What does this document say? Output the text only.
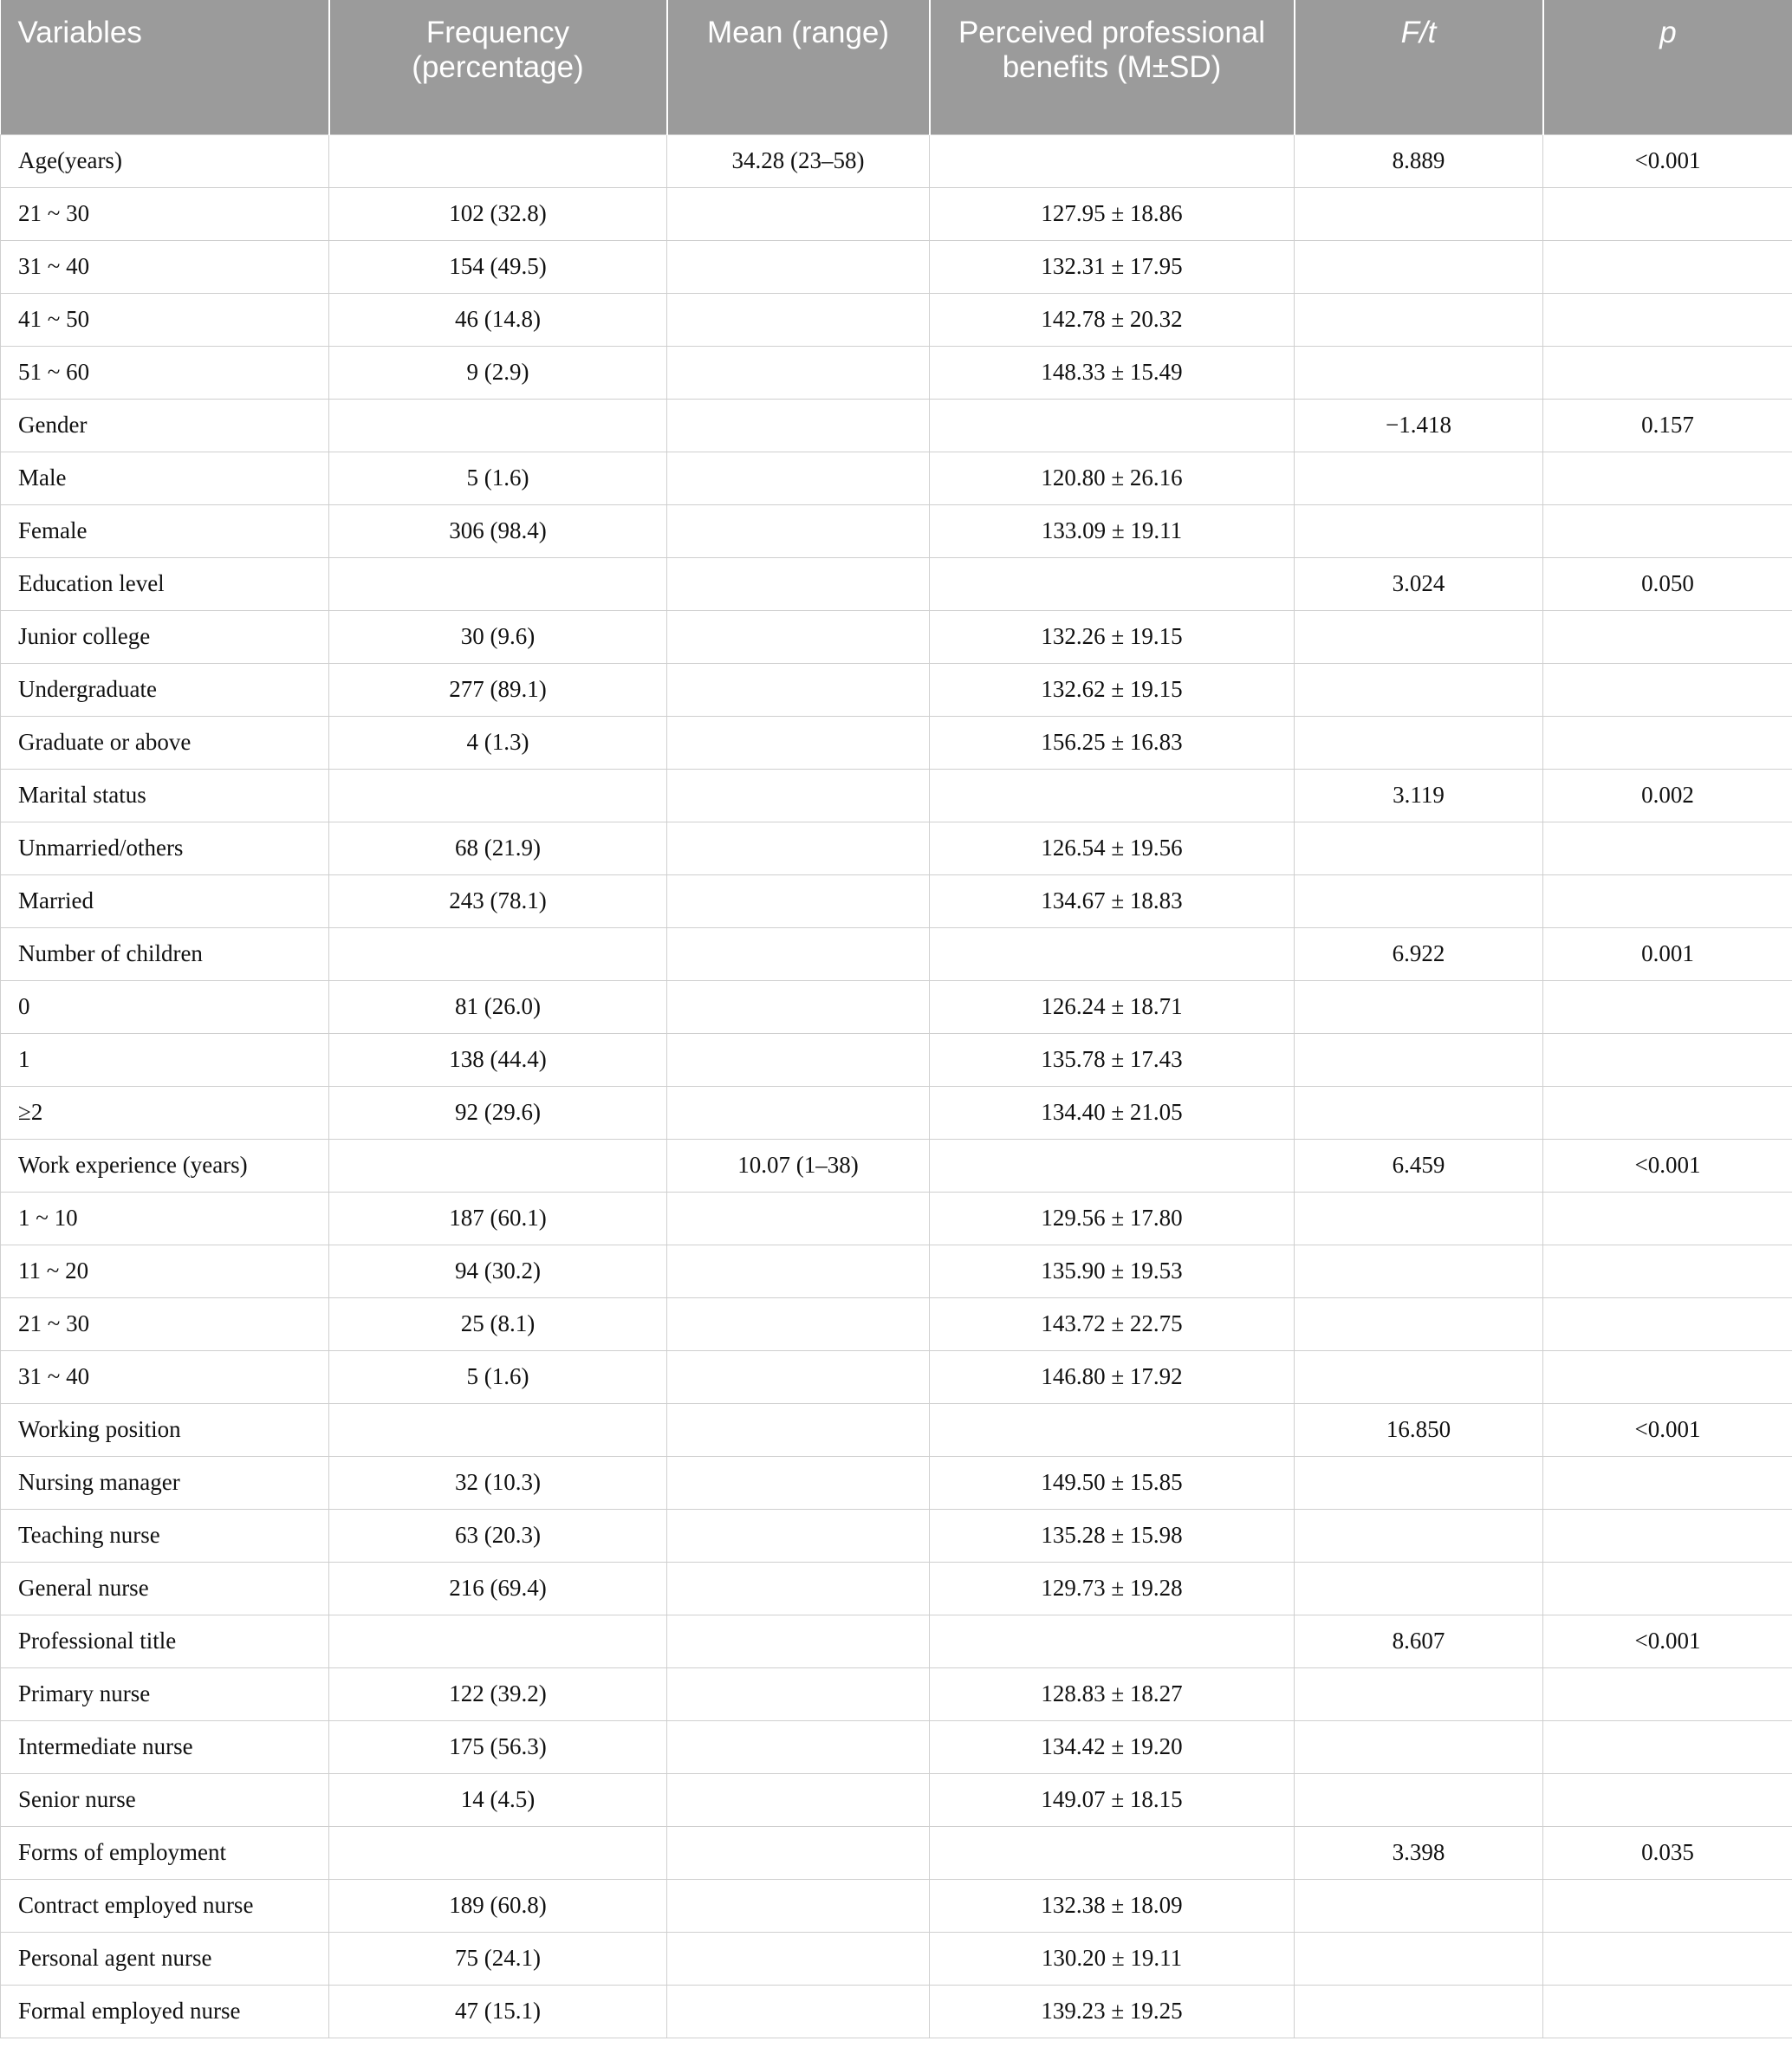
Variables	Frequency (percentage)	Mean (range)	Perceived professional benefits (M±SD)	F/t	p
Age(years)		34.28 (23–58)		8.889	<0.001
21 ~ 30	102 (32.8)		127.95 ± 18.86		
31 ~ 40	154 (49.5)		132.31 ± 17.95		
41 ~ 50	46 (14.8)		142.78 ± 20.32		
51 ~ 60	9 (2.9)		148.33 ± 15.49		
Gender				−1.418	0.157
Male	5 (1.6)		120.80 ± 26.16		
Female	306 (98.4)		133.09 ± 19.11		
Education level				3.024	0.050
Junior college	30 (9.6)		132.26 ± 19.15		
Undergraduate	277 (89.1)		132.62 ± 19.15		
Graduate or above	4 (1.3)		156.25 ± 16.83		
Marital status				3.119	0.002
Unmarried/others	68 (21.9)		126.54 ± 19.56		
Married	243 (78.1)		134.67 ± 18.83		
Number of children				6.922	0.001
0	81 (26.0)		126.24 ± 18.71		
1	138 (44.4)		135.78 ± 17.43		
≥2	92 (29.6)		134.40 ± 21.05		
Work experience (years)		10.07 (1–38)		6.459	<0.001
1 ~ 10	187 (60.1)		129.56 ± 17.80		
11 ~ 20	94 (30.2)		135.90 ± 19.53		
21 ~ 30	25 (8.1)		143.72 ± 22.75		
31 ~ 40	5 (1.6)		146.80 ± 17.92		
Working position				16.850	<0.001
Nursing manager	32 (10.3)		149.50 ± 15.85		
Teaching nurse	63 (20.3)		135.28 ± 15.98		
General nurse	216 (69.4)		129.73 ± 19.28		
Professional title				8.607	<0.001
Primary nurse	122 (39.2)		128.83 ± 18.27		
Intermediate nurse	175 (56.3)		134.42 ± 19.20		
Senior nurse	14 (4.5)		149.07 ± 18.15		
Forms of employment				3.398	0.035
Contract employed nurse	189 (60.8)		132.38 ± 18.09		
Personal agent nurse	75 (24.1)		130.20 ± 19.11		
Formal employed nurse	47 (15.1)		139.23 ± 19.25		
